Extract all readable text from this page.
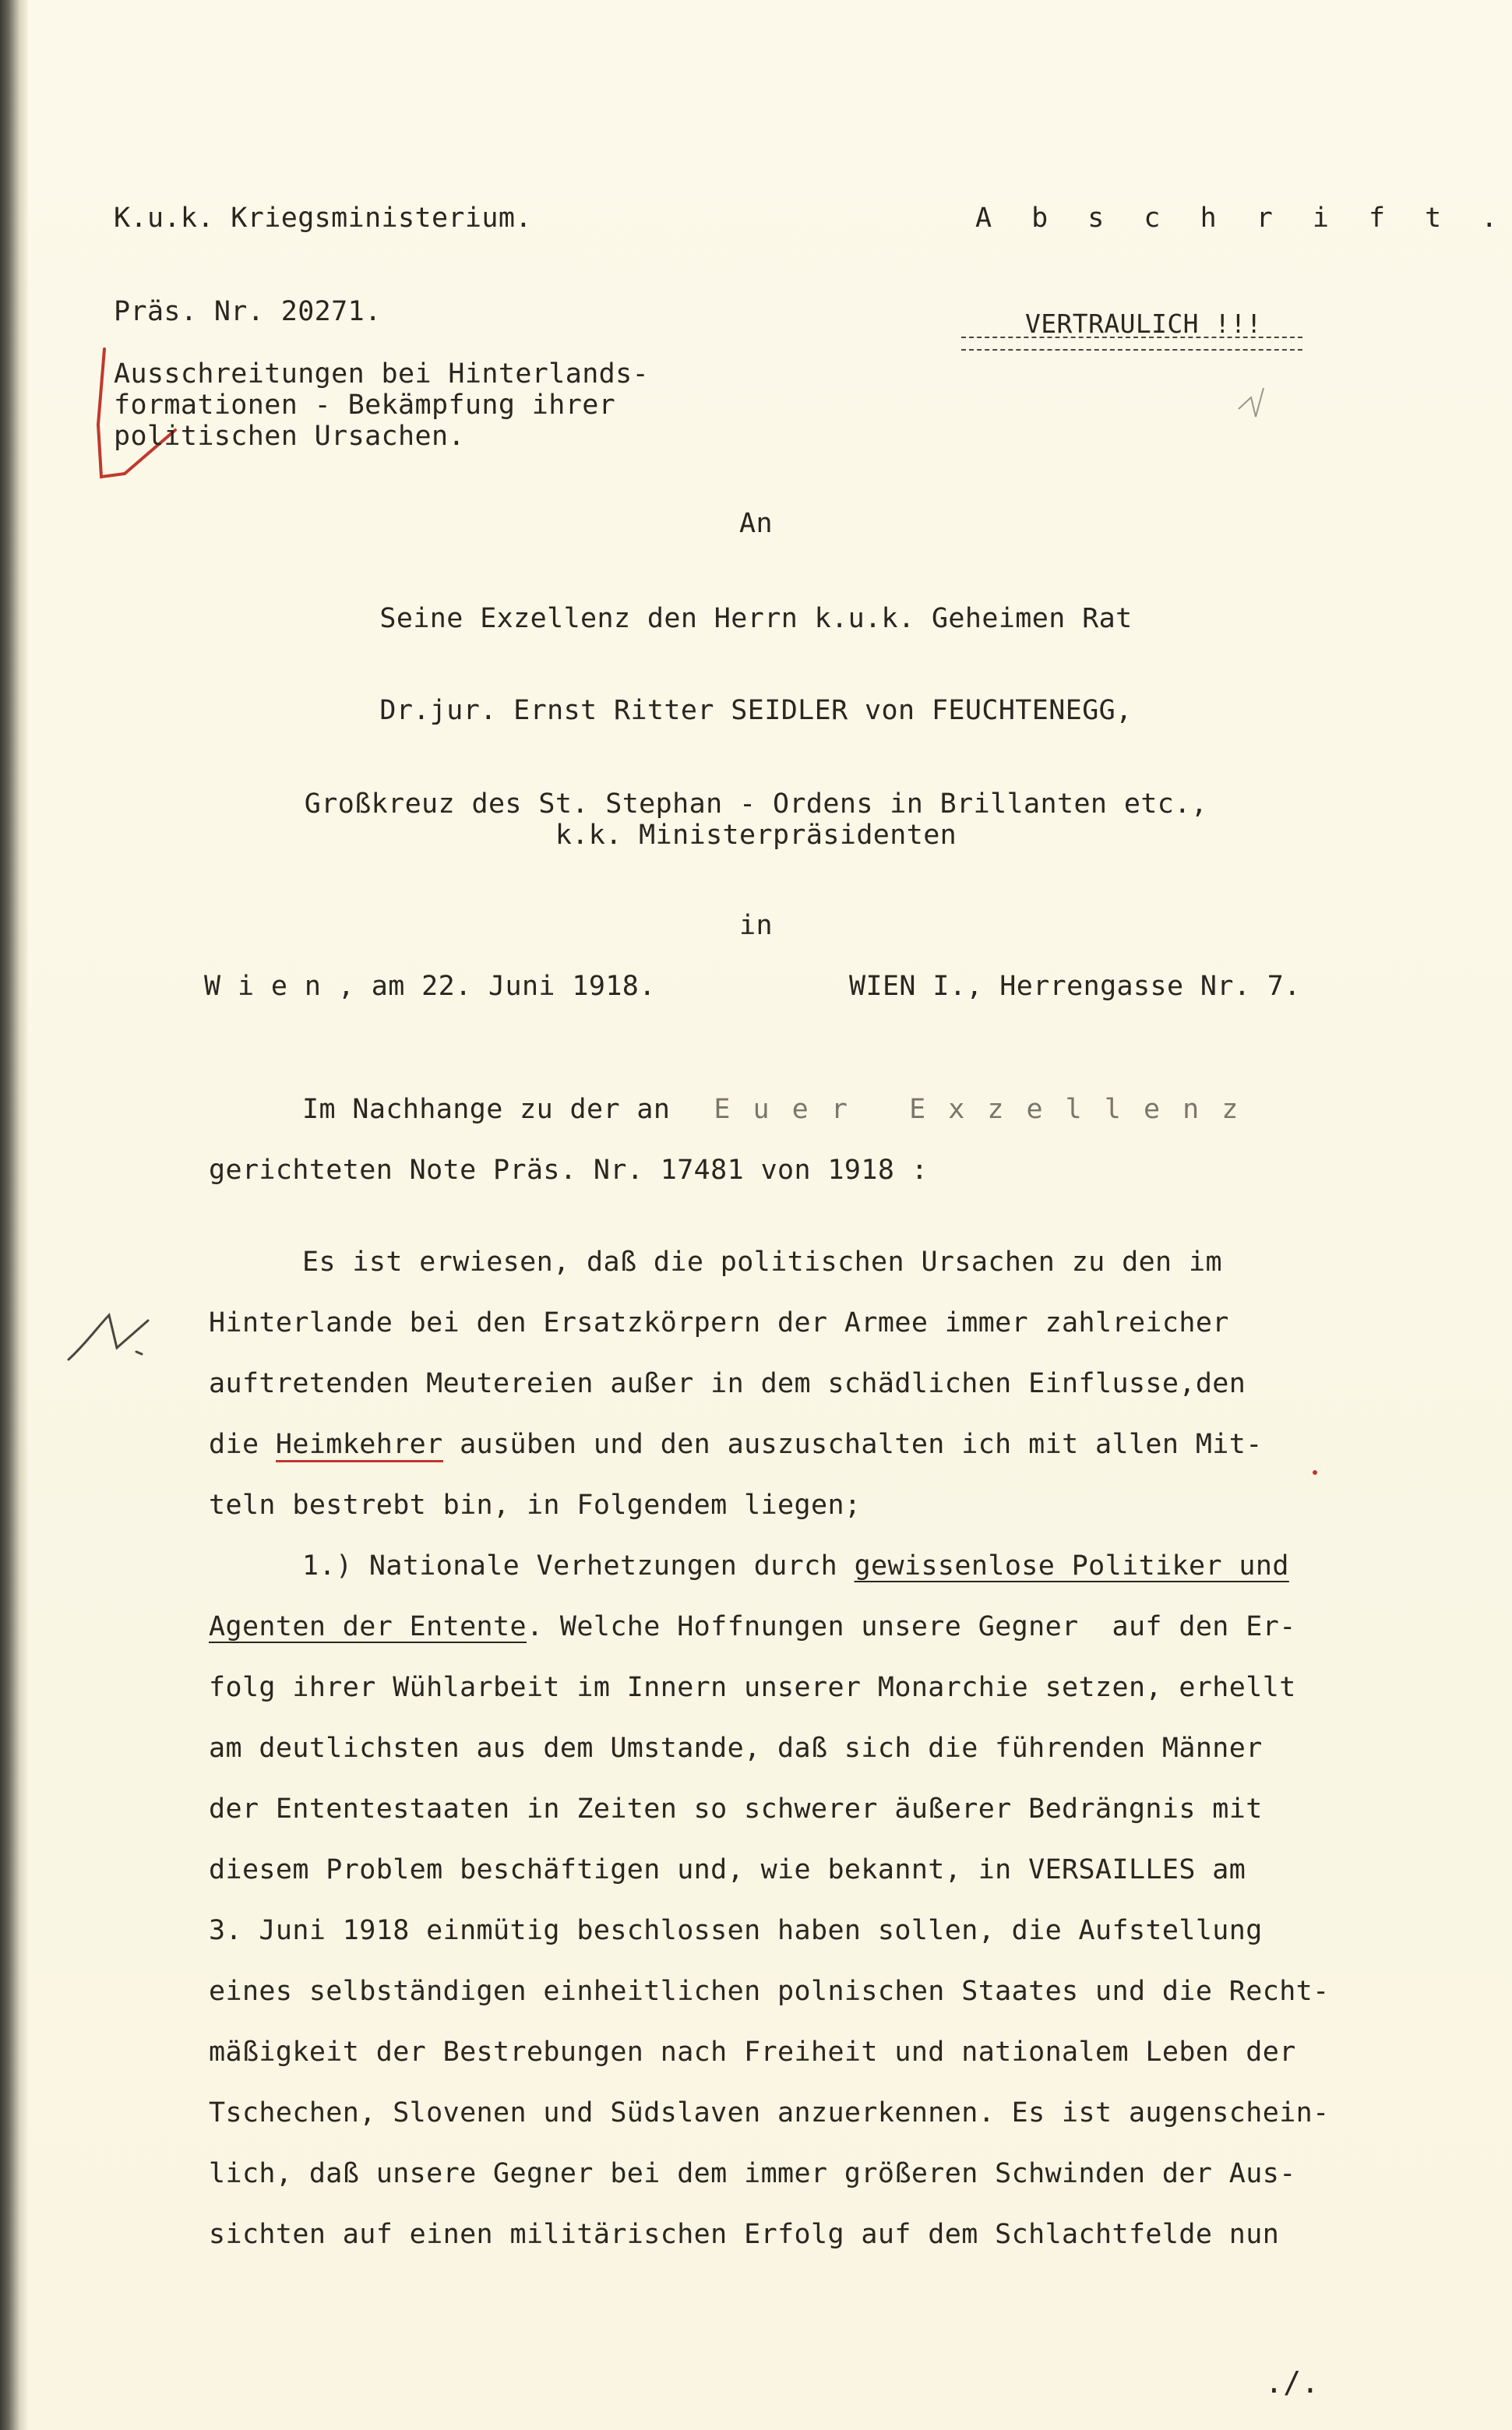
K.u.k. Kriegsministerium.	A b s c h r i f t .
Präs. Nr. 20271.	VERTRAULICH !!!
Ausschreitungen bei Hinterlands-
formationen - Bekämpfung ihrer
politischen Ursachen.
An
Seine Exzellenz den Herrn k.u.k. Geheimen Rat
Dr.jur. Ernst Ritter SEIDLER von FEUCHTENEGG,
Großkreuz des St. Stephan - Ordens in Brillanten etc.,
k.k. Ministerpräsidenten
in
W i e n , am 22. Juni 1918.	WIEN I., Herrengasse Nr. 7.
Im Nachhange zu der an E u e r   E x z e l l e n z
gerichteten Note Präs. Nr. 17481 von 1918 :
Es ist erwiesen, daß die politischen Ursachen zu den im
Hinterlande bei den Ersatzkörpern der Armee immer zahlreicher
auftretenden Meutereien außer in dem schädlichen Einflusse,den
die Heimkehrer ausüben und den auszuschalten ich mit allen Mit-
teln bestrebt bin, in Folgendem liegen;
1.) Nationale Verhetzungen durch gewissenlose Politiker und
Agenten der Entente. Welche Hoffnungen unsere Gegner  auf den Er-
folg ihrer Wühlarbeit im Innern unserer Monarchie setzen, erhellt
am deutlichsten aus dem Umstande, daß sich die führenden Männer
der Ententestaaten in Zeiten so schwerer äußerer Bedrängnis mit
diesem Problem beschäftigen und, wie bekannt, in VERSAILLES am
3. Juni 1918 einmütig beschlossen haben sollen, die Aufstellung
eines selbständigen einheitlichen polnischen Staates und die Recht-
mäßigkeit der Bestrebungen nach Freiheit und nationalem Leben der
Tschechen, Slovenen und Südslaven anzuerkennen. Es ist augenschein-
lich, daß unsere Gegner bei dem immer größeren Schwinden der Aus-
sichten auf einen militärischen Erfolg auf dem Schlachtfelde nun
./.
